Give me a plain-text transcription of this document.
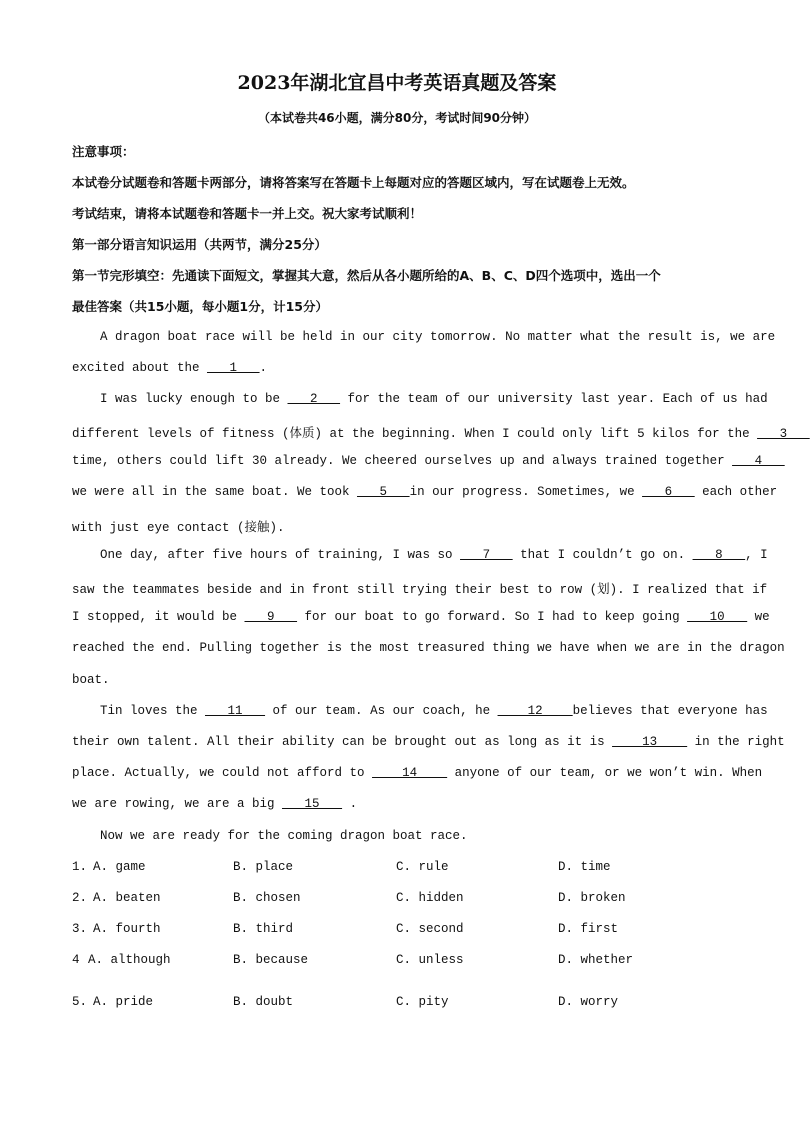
2023年湖北宜昌中考英语真题及答案
（本试卷共46小题，满分80分，考试时间90分钟）
注意事项：
本试卷分试题卷和答题卡两部分，请将答案写在答题卡上每题对应的答题区域内，写在试题卷上无效。
考试结束，请将本试题卷和答题卡一并上交。祝大家考试顺利！
第一部分语言知识运用（共两节，满分25分）
第一节完形填空：先通读下面短文，掌握其大意，然后从各小题所给的A、B、C、D四个选项中，选出一个
最佳答案（共15小题，每小题1分，计15分）
A dragon boat race will be held in our city tomorrow. No matter what the result is, we are
excited about the ___1___.
I was lucky enough to be ___2___ for the team of our university last year. Each of us had
different levels of fitness (体质) at the beginning. When I could only lift 5 kilos for the ___3___
time, others could lift 30 already. We cheered ourselves up and always trained together ___4___
we were all in the same boat. We took ___5___in our progress. Sometimes, we ___6___ each other
with just eye contact (接触).
One day, after five hours of training, I was so ___7___ that I couldn’t go on. ___8___, I
saw the teammates beside and in front still trying their best to row (划). I realized that if
I stopped, it would be ___9___ for our boat to go forward. So I had to keep going ___10___ we
reached the end. Pulling together is the most treasured thing we have when we are in the dragon
boat.
Tin loves the ___11___ of our team. As our coach, he ____12____believes that everyone has
their own talent. All their ability can be brought out as long as it is ____13____ in the right
place. Actually, we could not afford to ____14____ anyone of our team, or we won’t win. When
we are rowing, we are a big ___15___ .
Now we are ready for the coming dragon boat race.
1. A. game	B. place	C. rule	D. time
2. A. beaten	B. chosen	C. hidden	D. broken
3. A. fourth	B. third	C. second	D. first
4 A. although	B. because	C. unless	D. whether
5. A. pride	B. doubt	C. pity	D. worry
